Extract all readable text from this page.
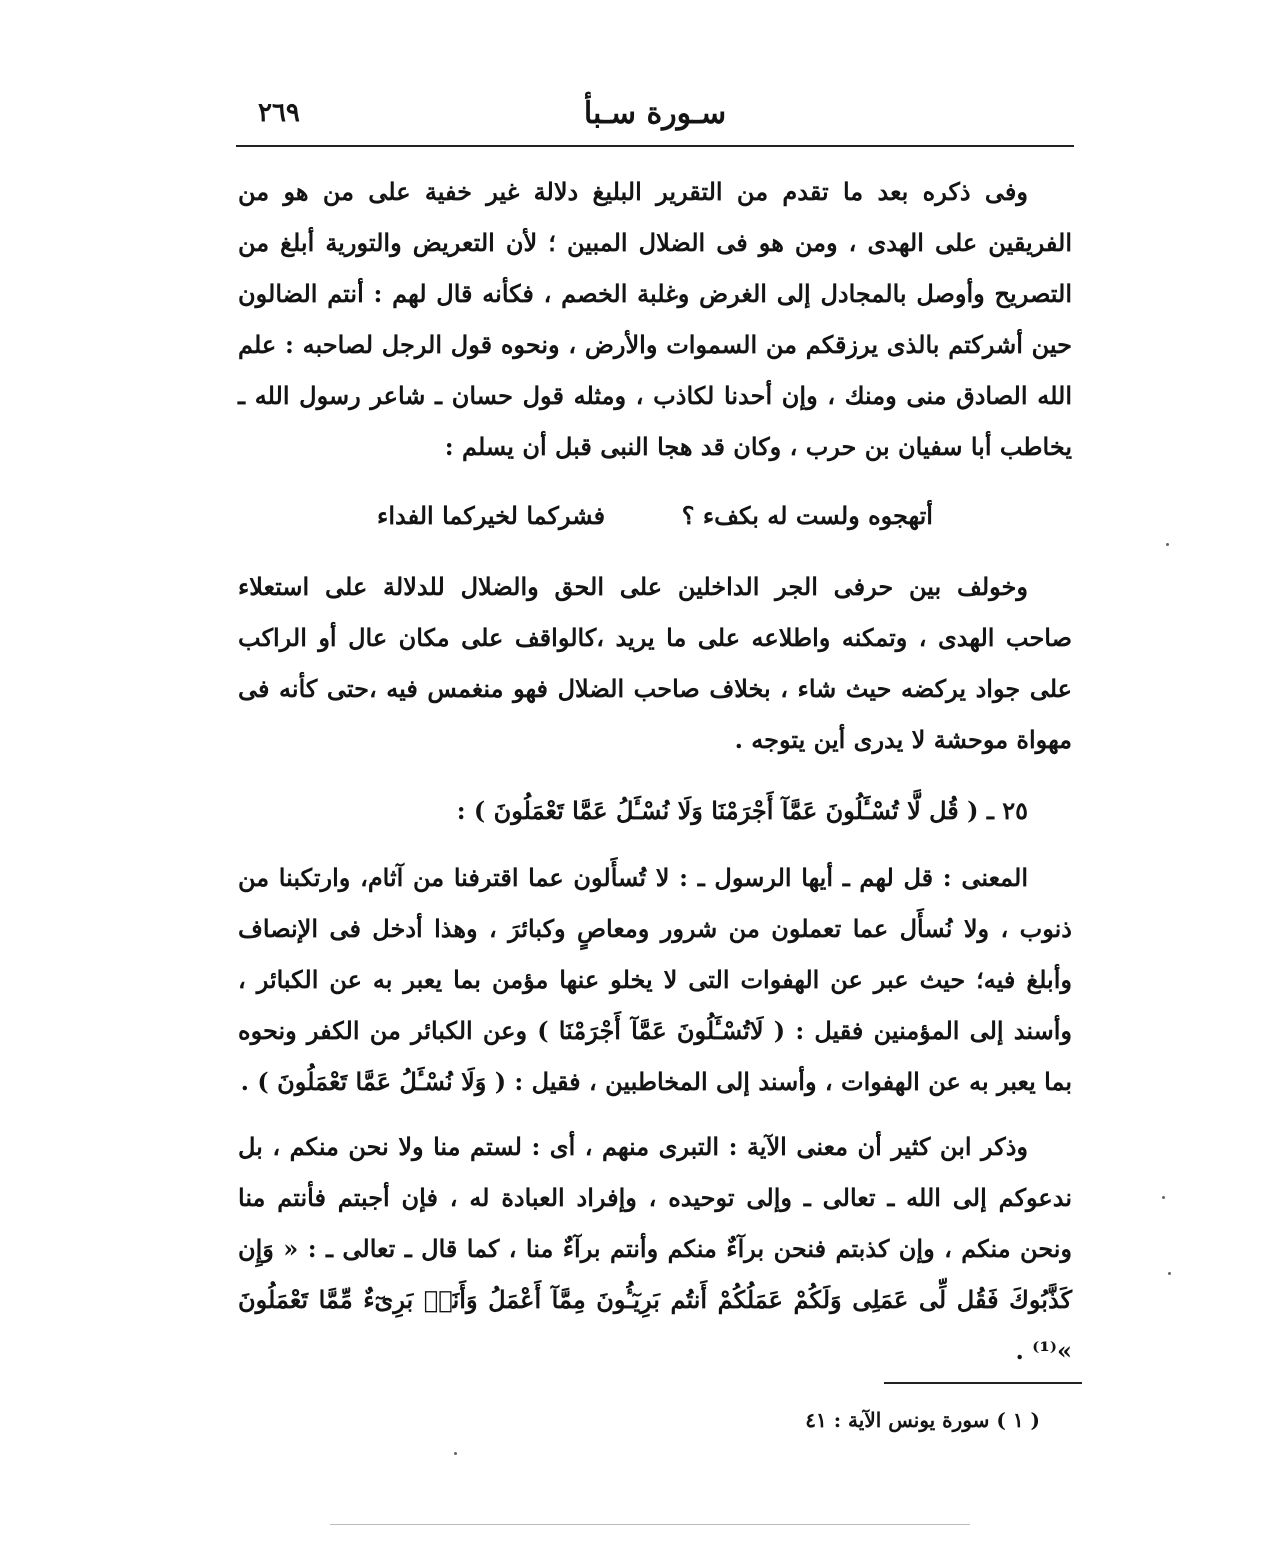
سـورة سـبأ
٢٦٩

وفى ذكره بعد ما تقدم من التقرير البليغ دلالة غير خفية على من هو من الفريقين على الهدى ، ومن هو فى الضلال المبين ؛ لأن التعريض والتورية أبلغ من التصريح وأوصل بالمجادل إلى الغرض وغلبة الخصم ، فكأنه قال لهم : أنتم الضالون حين أشركتم بالذى يرزقكم من السموات والأرض ، ونحوه قول الرجل لصاحبه : علم الله الصادق منى ومنك ، وإن أحدنا لكاذب ، ومثله قول حسان ـ شاعر رسول الله ـ يخاطب أبا سفيان بن حرب ، وكان قد هجا النبى قبل أن يسلم :

أتهجوه ولست له بكفء ؟  فشركما لخيركما الفداء

وخولف بين حرفى الجر الداخلين على الحق والضلال للدلالة على استعلاء صاحب الهدى ، وتمكنه واطلاعه على ما يريد ،كالواقف على مكان عال أو الراكب على جواد يركضه حيث شاء ، بخلاف صاحب الضلال فهو منغمس فيه ،حتى كأنه فى مهواة موحشة لا يدرى أين يتوجه .

٢٥ ـ ( قُل لَّا تُسْـَٔلُونَ عَمَّآ أَجْرَمْنَا وَلَا نُسْـَٔلُ عَمَّا تَعْمَلُونَ ) :

المعنى : قل لهم ـ أيها الرسول ـ : لا تُسأَلون عما اقترفنا من آثام، وارتكبنا من ذنوب ، ولا نُسأَل عما تعملون من شرور ومعاصٍ وكبائرَ ، وهذا أدخل فى الإنصاف وأبلغ فيه؛ حيث عبر عن الهفوات التى لا يخلو عنها مؤمن بما يعبر به عن الكبائر ، وأسند إلى المؤمنين فقيل : ( لَاتُسْـَٔلُونَ عَمَّآ أَجْرَمْنَا ) وعن الكبائر من الكفر ونحوه بما يعبر به عن الهفوات ، وأسند إلى المخاطبين ، فقيل : ( وَلَا نُسْـَٔلُ عَمَّا تَعْمَلُونَ ) .

وذكر ابن كثير أن معنى الآية : التبرى منهم ، أى : لستم منا ولا نحن منكم ، بل ندعوكم إلى الله ـ تعالى ـ وإلى توحيده ، وإفراد العبادة له ، فإن أجبتم فأنتم منا ونحن منكم ، وإن كذبتم فنحن برآءٌ منكم وأنتم برآءٌ منا ، كما قال ـ تعالى ـ : « وَإِن كَذَّبُوكَ فَقُل لِّى عَمَلِى وَلَكُمْ عَمَلُكُمْ أَنتُم بَرِيٓـُٔونَ مِمَّآ أَعْمَلُ وَأَنَا۠ بَرِىٓءٌ مِّمَّا تَعْمَلُونَ »⁽¹⁾ .

( ١ ) سورة يونس الآية : ٤١
